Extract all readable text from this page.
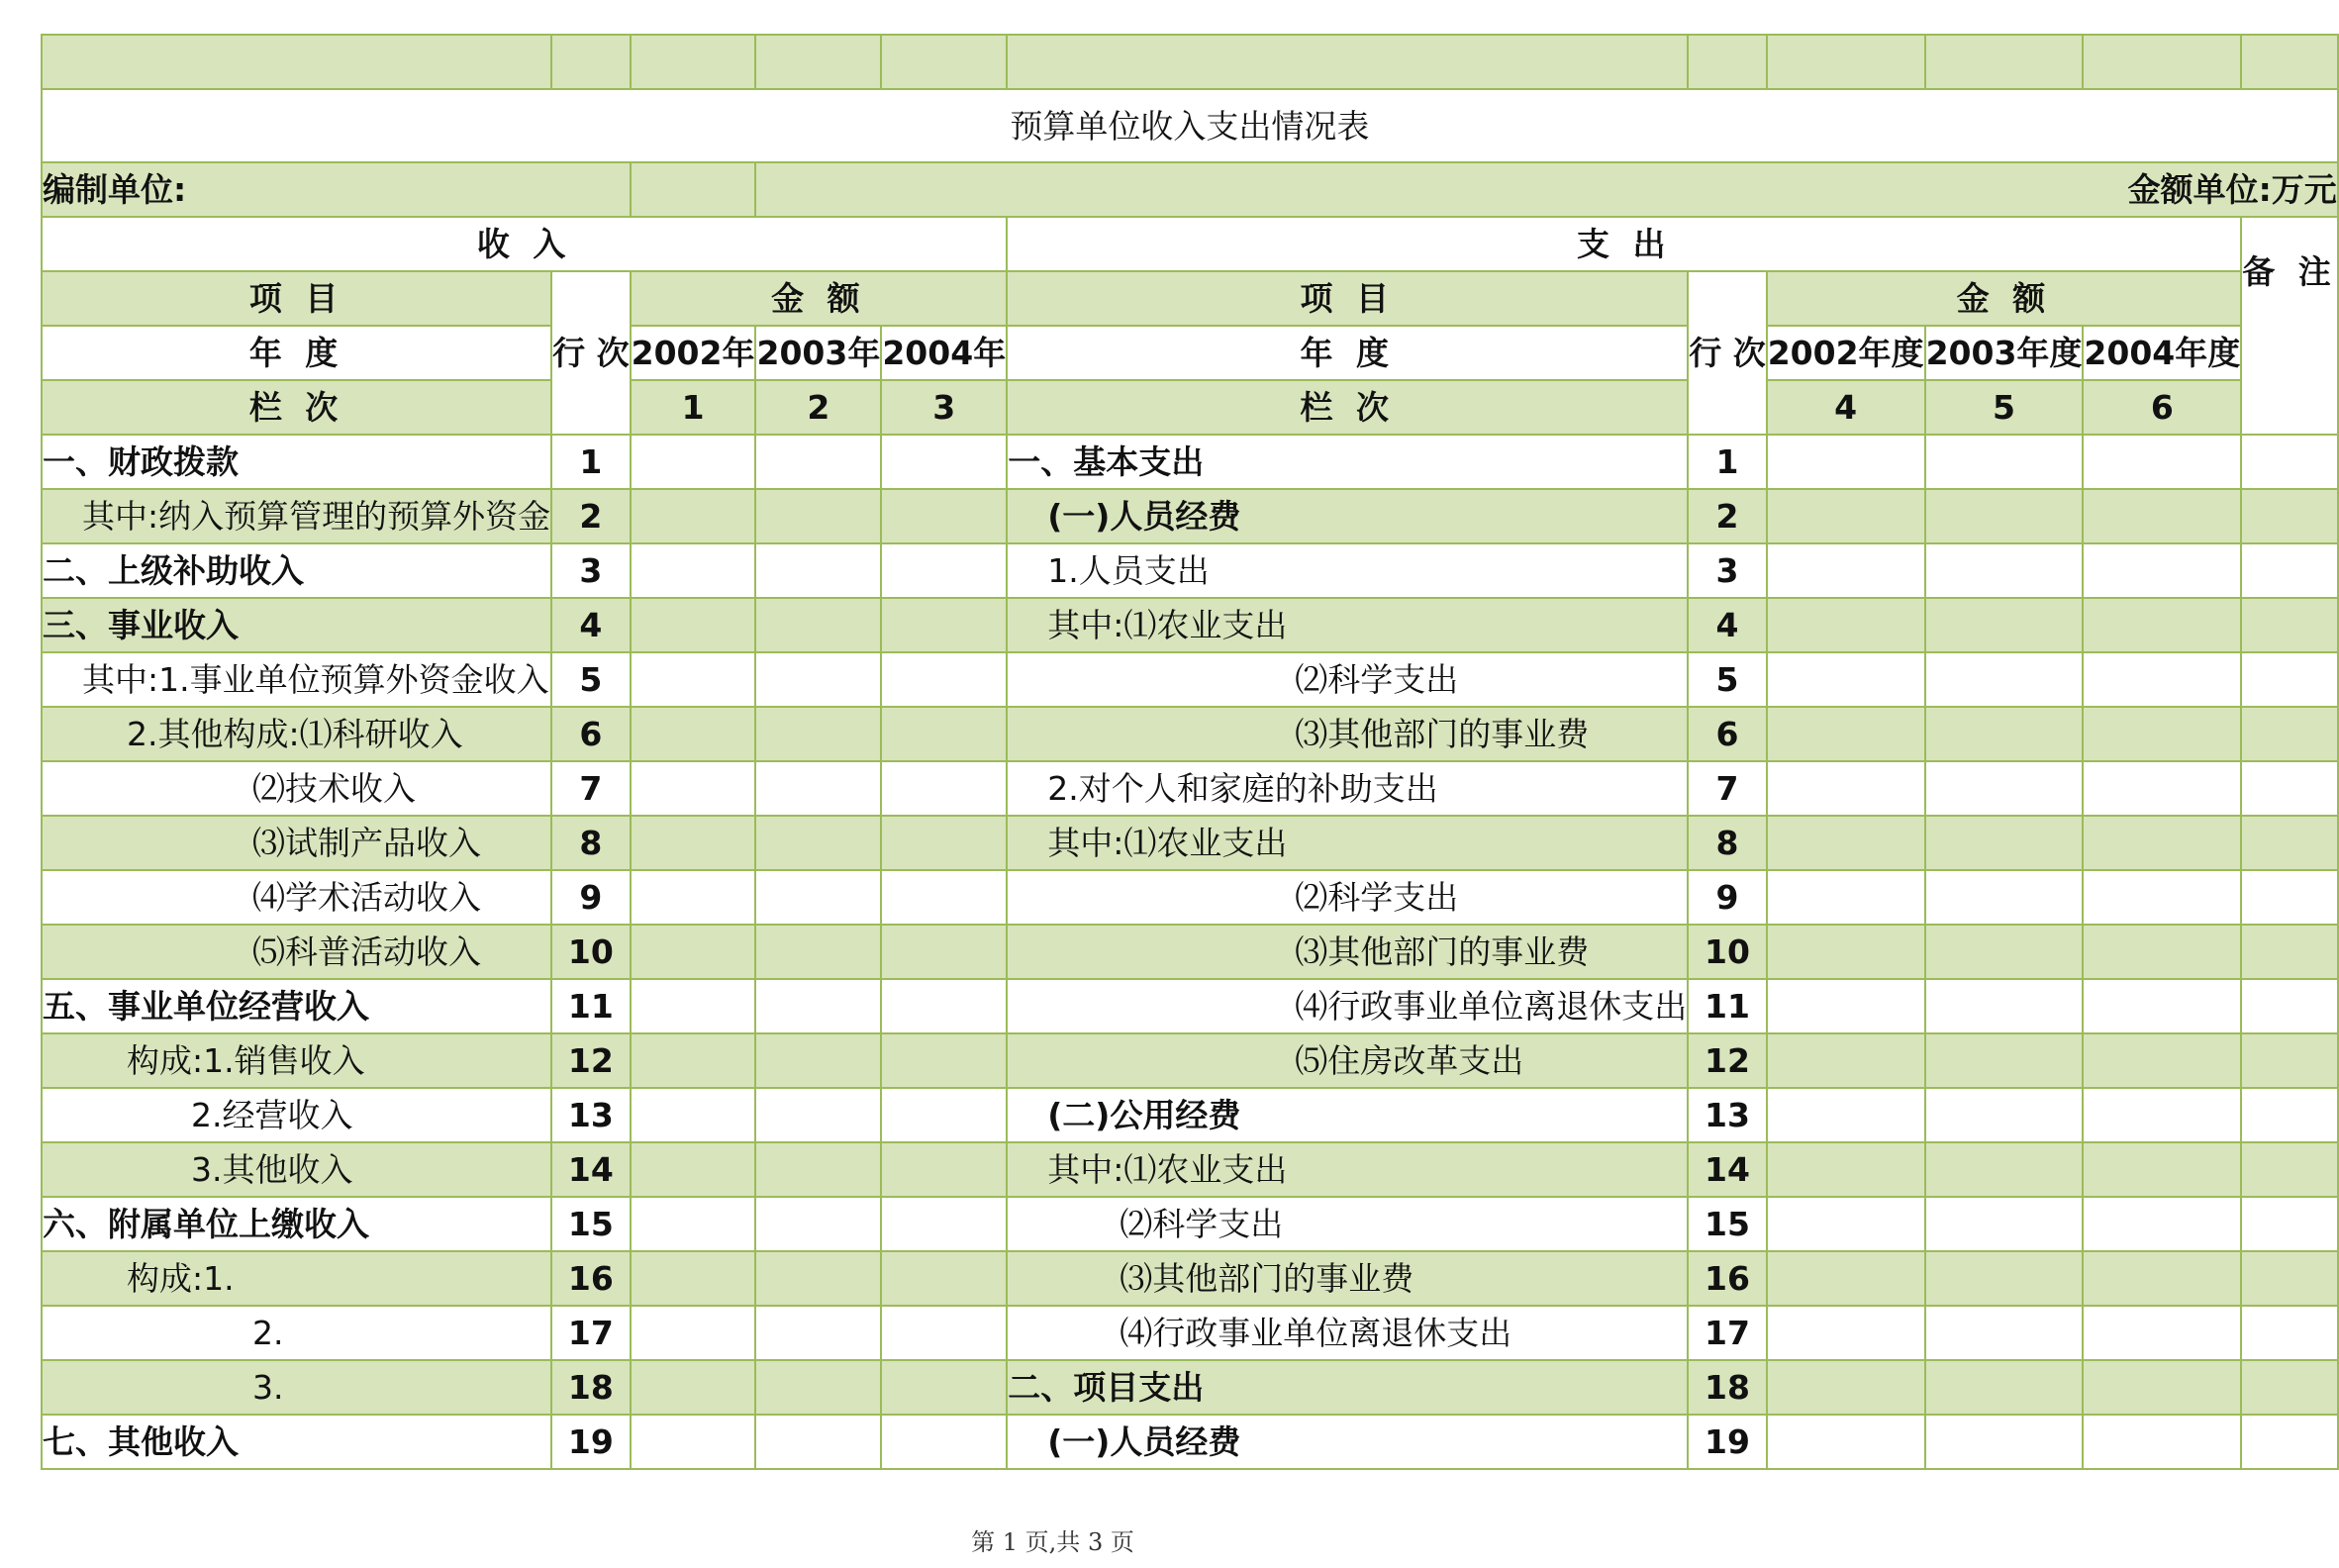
预算单位收入支出情况表										
编制单位:			金额单位:万元							
收 入					支 出					备 注

项 目	行 次	金 额			项 目	行 次	金 额			
年 度		2002年	2003年	2004年	年 度		2002年度	2003年度	2004年度	
栏 次		1	2	3	栏 次		4	5	6	
一、财政拨款	1				一、基本支出	1				
其中:纳入预算管理的预算外资金	2				(一)人员经费	2				
二、上级补助收入	3				1.人员支出	3				
三、事业收入	4				其中:⑴农业支出	4				
其中:1.事业单位预算外资金收入	5				⑵科学支出	5				
2.其他构成:⑴科研收入	6				⑶其他部门的事业费	6				
⑵技术收入	7				2.对个人和家庭的补助支出	7				
⑶试制产品收入	8				其中:⑴农业支出	8				
⑷学术活动收入	9				⑵科学支出	9				
⑸科普活动收入	10				⑶其他部门的事业费	10				
五、事业单位经营收入	11				⑷行政事业单位离退休支出	11				
构成:1.销售收入	12				⑸住房改革支出	12				
2.经营收入	13				(二)公用经费	13				
3.其他收入	14				其中:⑴农业支出	14				
六、附属单位上缴收入	15				⑵科学支出	15				
构成:1.	16				⑶其他部门的事业费	16				
2.	17				⑷行政事业单位离退休支出	17				
3.	18				二、项目支出	18				
七、其他收入	19				(一)人员经费	19				
第 1 页,共 3 页
